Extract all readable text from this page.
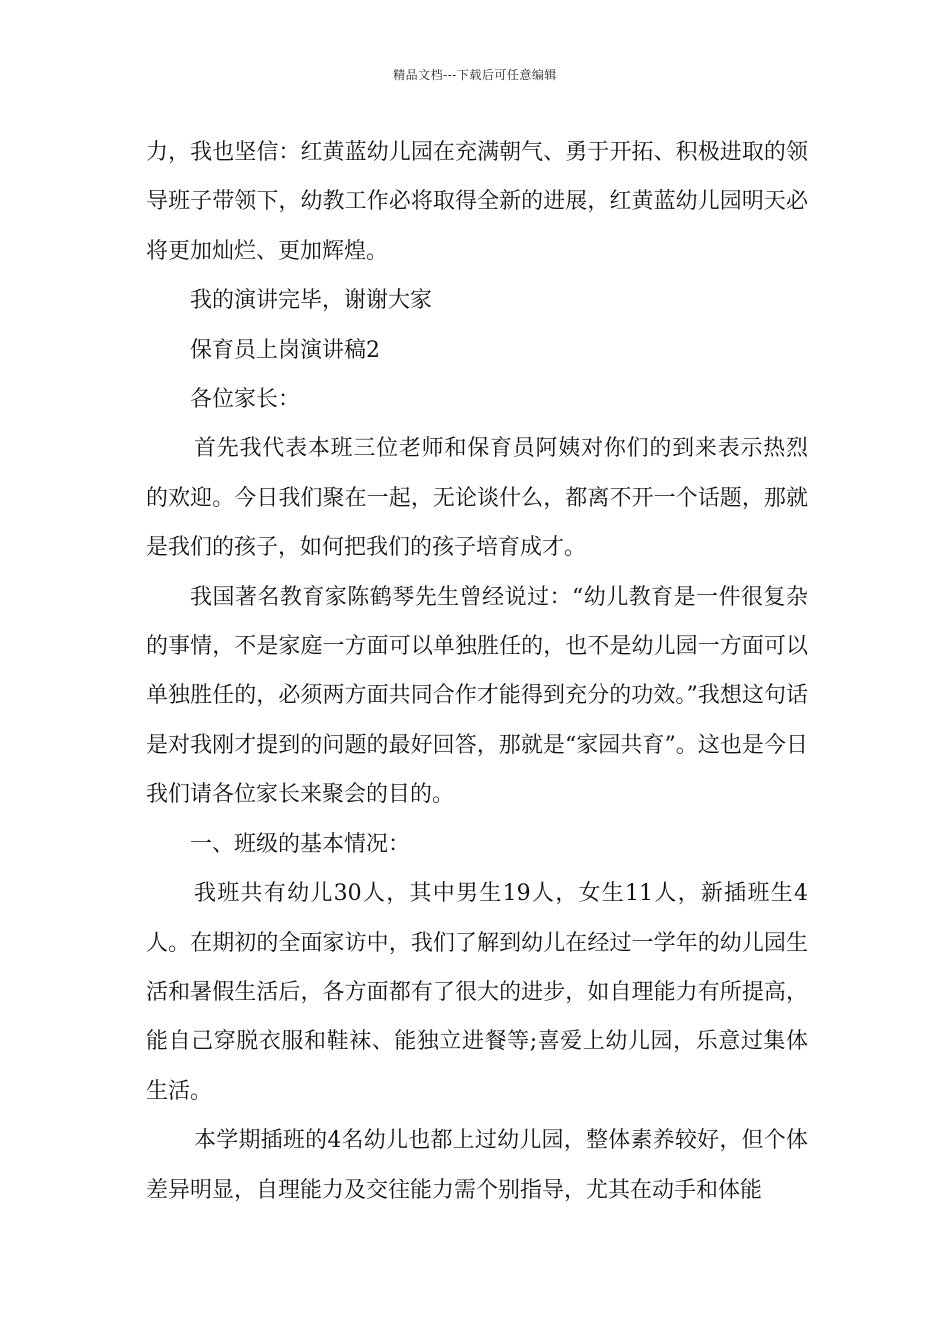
精品文档---下载后可任意编辑

力，我也坚信：红黄蓝幼儿园在充满朝气、勇于开拓、积极进取的领导班子带领下，幼教工作必将取得全新的进展，红黄蓝幼儿园明天必将更加灿烂、更加辉煌。

我的演讲完毕，谢谢大家

保育员上岗演讲稿2

各位家长：

首先我代表本班三位老师和保育员阿姨对你们的到来表示热烈的欢迎。今日我们聚在一起，无论谈什么，都离不开一个话题，那就是我们的孩子，如何把我们的孩子培育成才。

我国著名教育家陈鹤琴先生曾经说过：“幼儿教育是一件很复杂的事情，不是家庭一方面可以单独胜任的，也不是幼儿园一方面可以单独胜任的，必须两方面共同合作才能得到充分的功效。”我想这句话是对我刚才提到的问题的最好回答，那就是“家园共育”。这也是今日我们请各位家长来聚会的目的。

一、班级的基本情况：

我班共有幼儿30人，其中男生19人，女生11人，新插班生4人。在期初的全面家访中，我们了解到幼儿在经过一学年的幼儿园生活和暑假生活后，各方面都有了很大的进步，如自理能力有所提高，能自己穿脱衣服和鞋袜、能独立进餐等;喜爱上幼儿园，乐意过集体生活。

本学期插班的4名幼儿也都上过幼儿园，整体素养较好，但个体差异明显，自理能力及交往能力需个别指导，尤其在动手和体能
